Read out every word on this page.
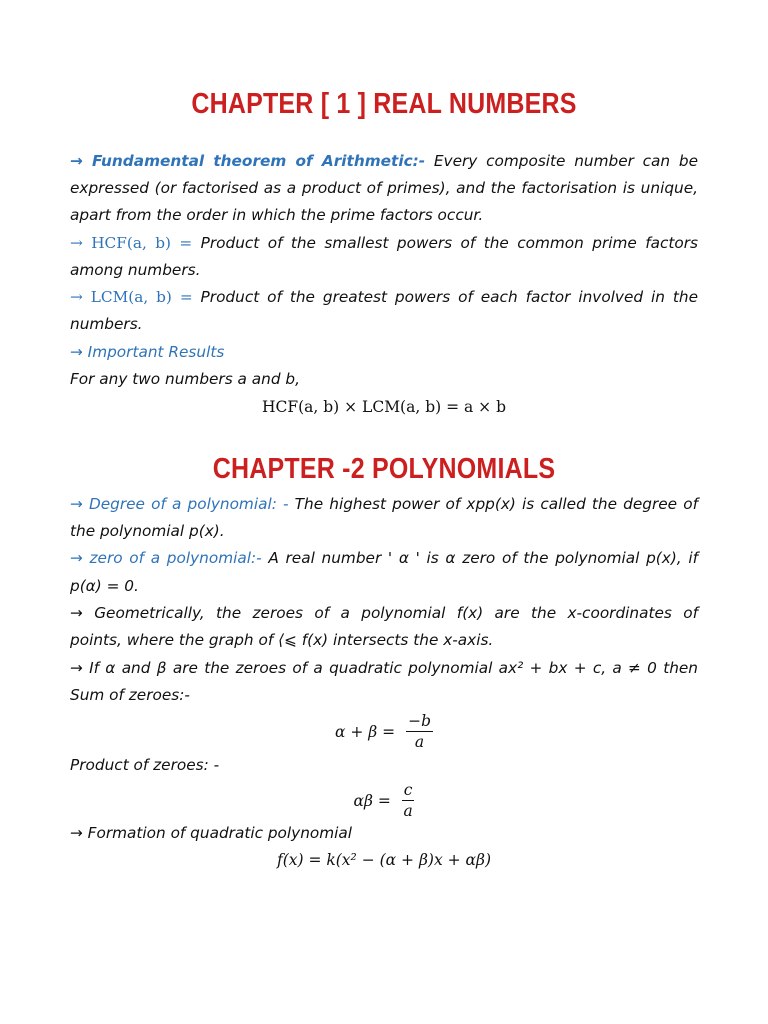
CHAPTER [ 1 ] REAL NUMBERS
→ Fundamental theorem of Arithmetic:- Every composite number can be
expressed (or factorised as a product of primes), and the factorisation is unique,
apart from the order in which the prime factors occur.
→ HCF(a, b) = Product of the smallest powers of the common prime factors
among numbers.
→ LCM(a, b) = Product of the greatest powers of each factor involved in the
numbers.
→ Important Results
For any two numbers a and b,
HCF(a, b) × LCM(a, b) = a × b
CHAPTER -2 POLYNOMIALS
→ Degree of a polynomial: - The highest power of xpp(x) is called the degree of
the polynomial p(x).
→ zero of a polynomial:- A real number ' α ' is α zero of the polynomial p(x), if
p(α) = 0.
→ Geometrically, the zeroes of a polynomial f(x) are the x-coordinates of
points, where the graph of ⟨⩽ f(x) intersects the x-axis.
→ If α and β are the zeroes of a quadratic polynomial ax² + bx + c, a ≠ 0 then
Sum of zeroes:-
$\alpha + \beta = \frac{-b}{a}$
Product of zeroes: -
$\alpha\beta = \frac{c}{a}$
→ Formation of quadratic polynomial
f(x) = k(x² − (α + β)x + αβ)
